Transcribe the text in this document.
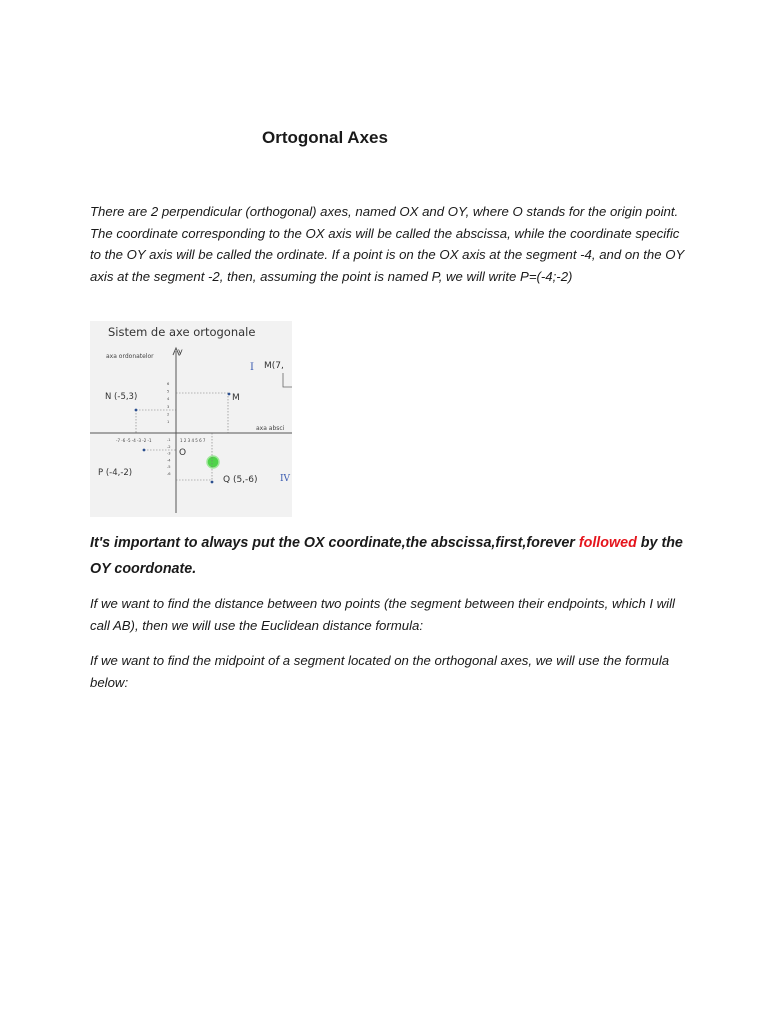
Ortogonal Axes

There are 2 perpendicular (orthogonal) axes, named OX and OY, where O stands for the origin point. The coordinate corresponding to the OX axis will be called the abscissa, while the coordinate specific to the OY axis will be called the ordinate. If a point is on the OX axis at the segment -4, and on the OY axis at the segment -2, then, assuming the point is named P, we will write P=(-4;-2)

Sistem de axe ortogonale
axa ordonatelor
y
-7 -6 -5 -4 -3 -2 -1	1 2 3 4 5 6 7
6
5
4
3
2
1
-1
-2
-3
-4
-5
-6
axa absci
O
I
IV
M(7,
M
N (-5,3)
P (-4,-2)
Q (5,-6)

It's important to always put the OX coordinate,the abscissa,first,forever followed by the OY coordonate.

If we want to find the distance between two points (the segment between their endpoints, which I will call AB), then we will use the Euclidean distance formula:

If we want to find the midpoint of a segment located on the orthogonal axes, we will use the formula below:
